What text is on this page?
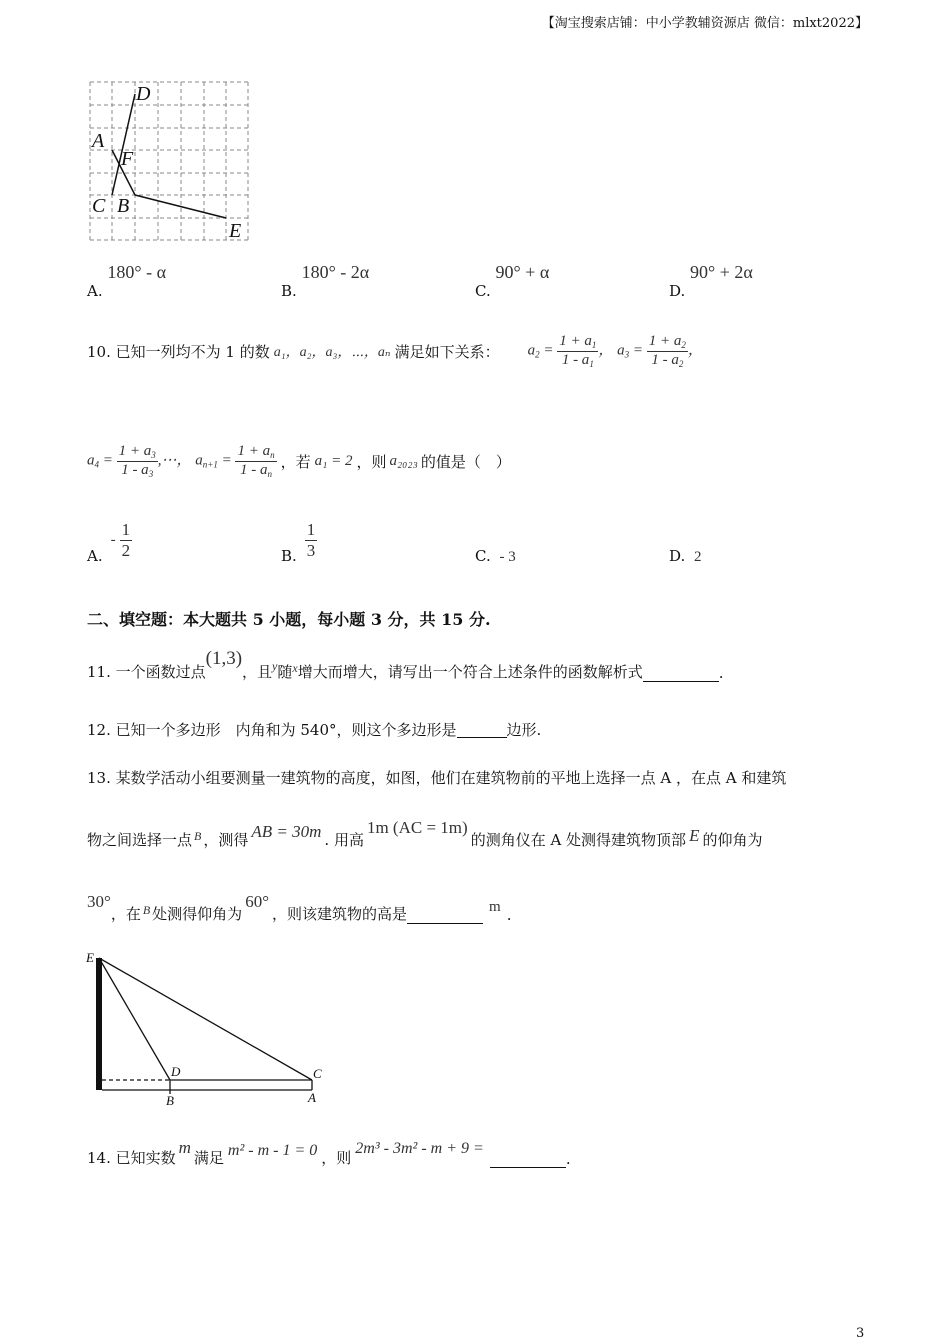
【淘宝搜索店铺：中小学教辅资源店 微信：mlxt2022】
D
A
F
C B
E
A. 180° - α
B. 180° - 2α
C. 90° + α
D. 90° + 2α
10. 已知一列均不为 1 的数 a₁，a₂，a₃，⋯，aₙ 满足如下关系： $a_2 = \frac{1 + a_1}{1 - a_1}$ ， $a_3 = \frac{1 + a_2}{1 - a_2}$ ，
$a_4 = \frac{1 + a_3}{1 - a_3}$ ,⋯， $a_{n+1} = \frac{1 + a_n}{1 - a_n}$ ，若 a₁ = 2 ，则 a₂₀₂₃ 的值是（　）
A.
- $\frac{1}{2}$	B. $\frac{1}{3}$	C. - 3	D. 2
二、填空题：本大题共 5 小题，每小题 3 分，共 15 分.
11. 一个函数过点
(1,3)
，且 y 随 x 增大而增大，请写出一个符合上述条件的函数解析式	.
12. 已知一个多边形　内角和为 540°，则这个多边形是	边形.
13. 某数学活动小组要测量一建筑物的高度，如图，他们在建筑物前的平地上选择一点 A ，在点 A 和建筑
物之间选择一点 B ，测得 AB = 30m . 用高
1m (AC = 1m)
的测角仪在 A 处测得建筑物顶部 E 的仰角为
30°
，在 B 处测得仰角为
60°
，则该建筑物的高是	m .
E
D	C
B	A
14. 已知实数
m
满足 m² - m - 1 = 0 ，则
2m³ - 3m² - m + 9 =
.
3
